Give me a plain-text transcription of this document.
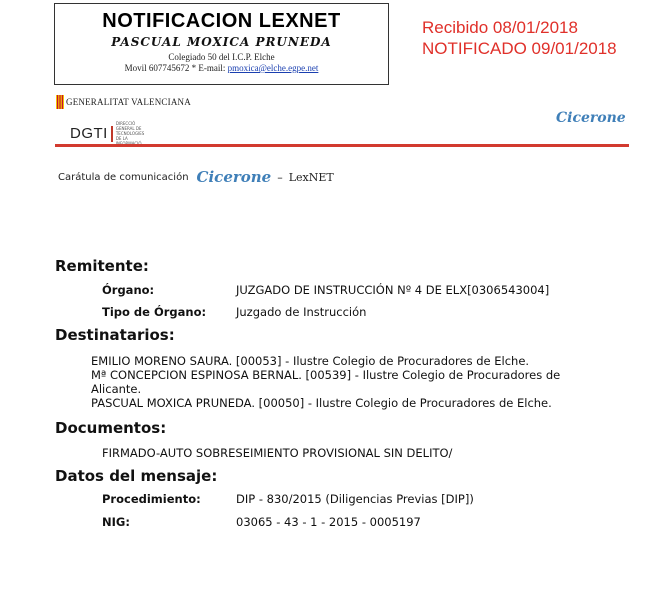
NOTIFICACION LEXNET
PASCUAL MOXICA PRUNEDA
Colegiado 50 del I.C.P. Elche
Movil 607745672 * E-mail: pmoxica@elche.egpe.net
Recibido 08/01/2018
NOTIFICADO 09/01/2018
GENERALITAT VALENCIANA
DGTI
DIRECCIÓ GENERAL DE TECNOLOGIES DE LA
Cicerone
Carátula de comunicación Cicerone – LexNET
Remitente:
Órgano:	JUZGADO DE INSTRUCCIÓN Nº 4 DE ELX[0306543004]
Tipo de Órgano:	Juzgado de Instrucción
Destinatarios:
EMILIO MORENO SAURA. [00053] - Ilustre Colegio de Procuradores de Elche.
Mª CONCEPCION ESPINOSA BERNAL. [00539] - Ilustre Colegio de Procuradores de Alicante.
PASCUAL MOXICA PRUNEDA. [00050] - Ilustre Colegio de Procuradores de Elche.
Documentos:
FIRMADO-AUTO SOBRESEIMIENTO PROVISIONAL SIN DELITO/
Datos del mensaje:
Procedimiento:	DIP - 830/2015 (Diligencias Previas [DIP])
NIG:	03065 - 43 - 1 - 2015 - 0005197
